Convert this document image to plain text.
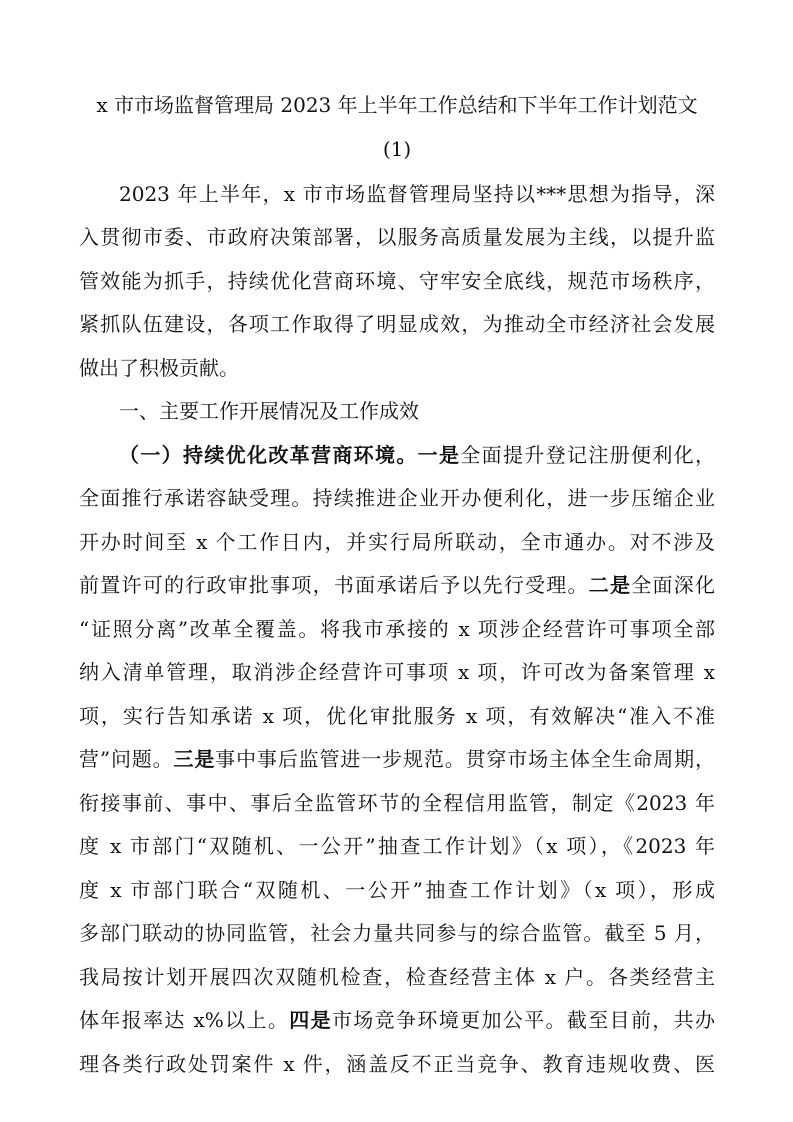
x 市市场监督管理局 2023 年上半年工作总结和下半年工作计划范文
(1)
2023 年上半年，x 市市场监督管理局坚持以***思想为指导，深
入贯彻市委、市政府决策部署，以服务高质量发展为主线，以提升监
管效能为抓手，持续优化营商环境、守牢安全底线，规范市场秩序，
紧抓队伍建设，各项工作取得了明显成效，为推动全市经济社会发展
做出了积极贡献。
一、主要工作开展情况及工作成效
（一）持续优化改革营商环境。一是全面提升登记注册便利化，
全面推行承诺容缺受理。持续推进企业开办便利化，进一步压缩企业
开办时间至 x 个工作日内，并实行局所联动，全市通办。对不涉及
前置许可的行政审批事项，书面承诺后予以先行受理。二是全面深化
“证照分离”改革全覆盖。将我市承接的 x 项涉企经营许可事项全部
纳入清单管理，取消涉企经营许可事项 x 项，许可改为备案管理 x
项，实行告知承诺 x 项，优化审批服务 x 项，有效解决“准入不准
营”问题。三是事中事后监管进一步规范。贯穿市场主体全生命周期，
衔接事前、事中、事后全监管环节的全程信用监管，制定《2023 年
度 x 市部门“双随机、一公开”抽查工作计划》（x 项），《2023 年
度 x 市部门联合“双随机、一公开”抽查工作计划》（x 项），形成
多部门联动的协同监管，社会力量共同参与的综合监管。截至 5 月，
我局按计划开展四次双随机检查，检查经营主体 x 户。各类经营主
体年报率达 x%以上。四是市场竞争环境更加公平。截至目前，共办
理各类行政处罚案件 x 件，涵盖反不正当竞争、教育违规收费、医
